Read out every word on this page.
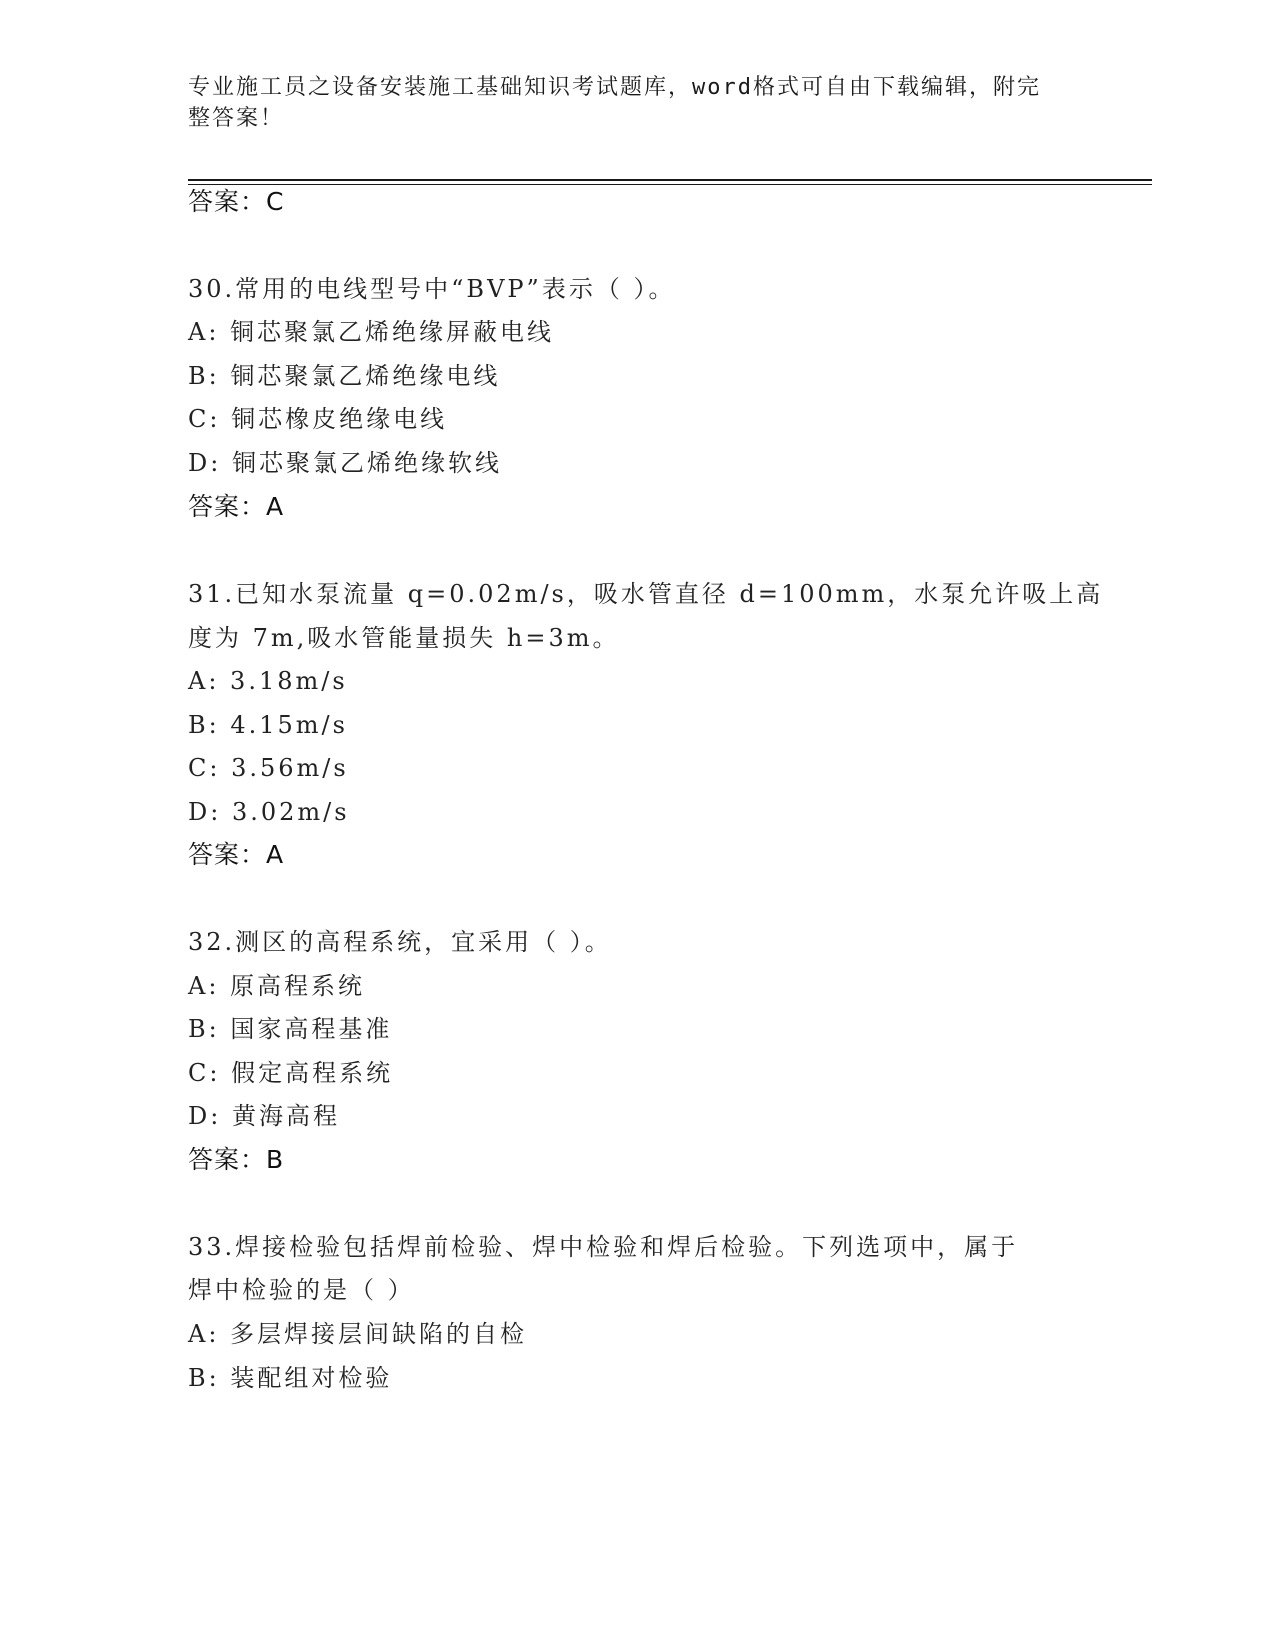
专业施工员之设备安装施工基础知识考试题库，word格式可自由下载编辑，附完
整答案！
答案：C
30.常用的电线型号中“BVP”表示（ ）。
A: 铜芯聚氯乙烯绝缘屏蔽电线
B: 铜芯聚氯乙烯绝缘电线
C: 铜芯橡皮绝缘电线
D: 铜芯聚氯乙烯绝缘软线
答案：A
31.已知水泵流量 q=0.02m/s，吸水管直径 d=100mm，水泵允许吸上高
度为 7m,吸水管能量损失 h=3m。
A: 3.18m/s
B: 4.15m/s
C: 3.56m/s
D: 3.02m/s
答案：A
32.测区的高程系统，宜采用（ ）。
A: 原高程系统
B: 国家高程基准
C: 假定高程系统
D: 黄海高程
答案：B
33.焊接检验包括焊前检验、焊中检验和焊后检验。下列选项中，属于
焊中检验的是（ ）
A: 多层焊接层间缺陷的自检
B: 装配组对检验
